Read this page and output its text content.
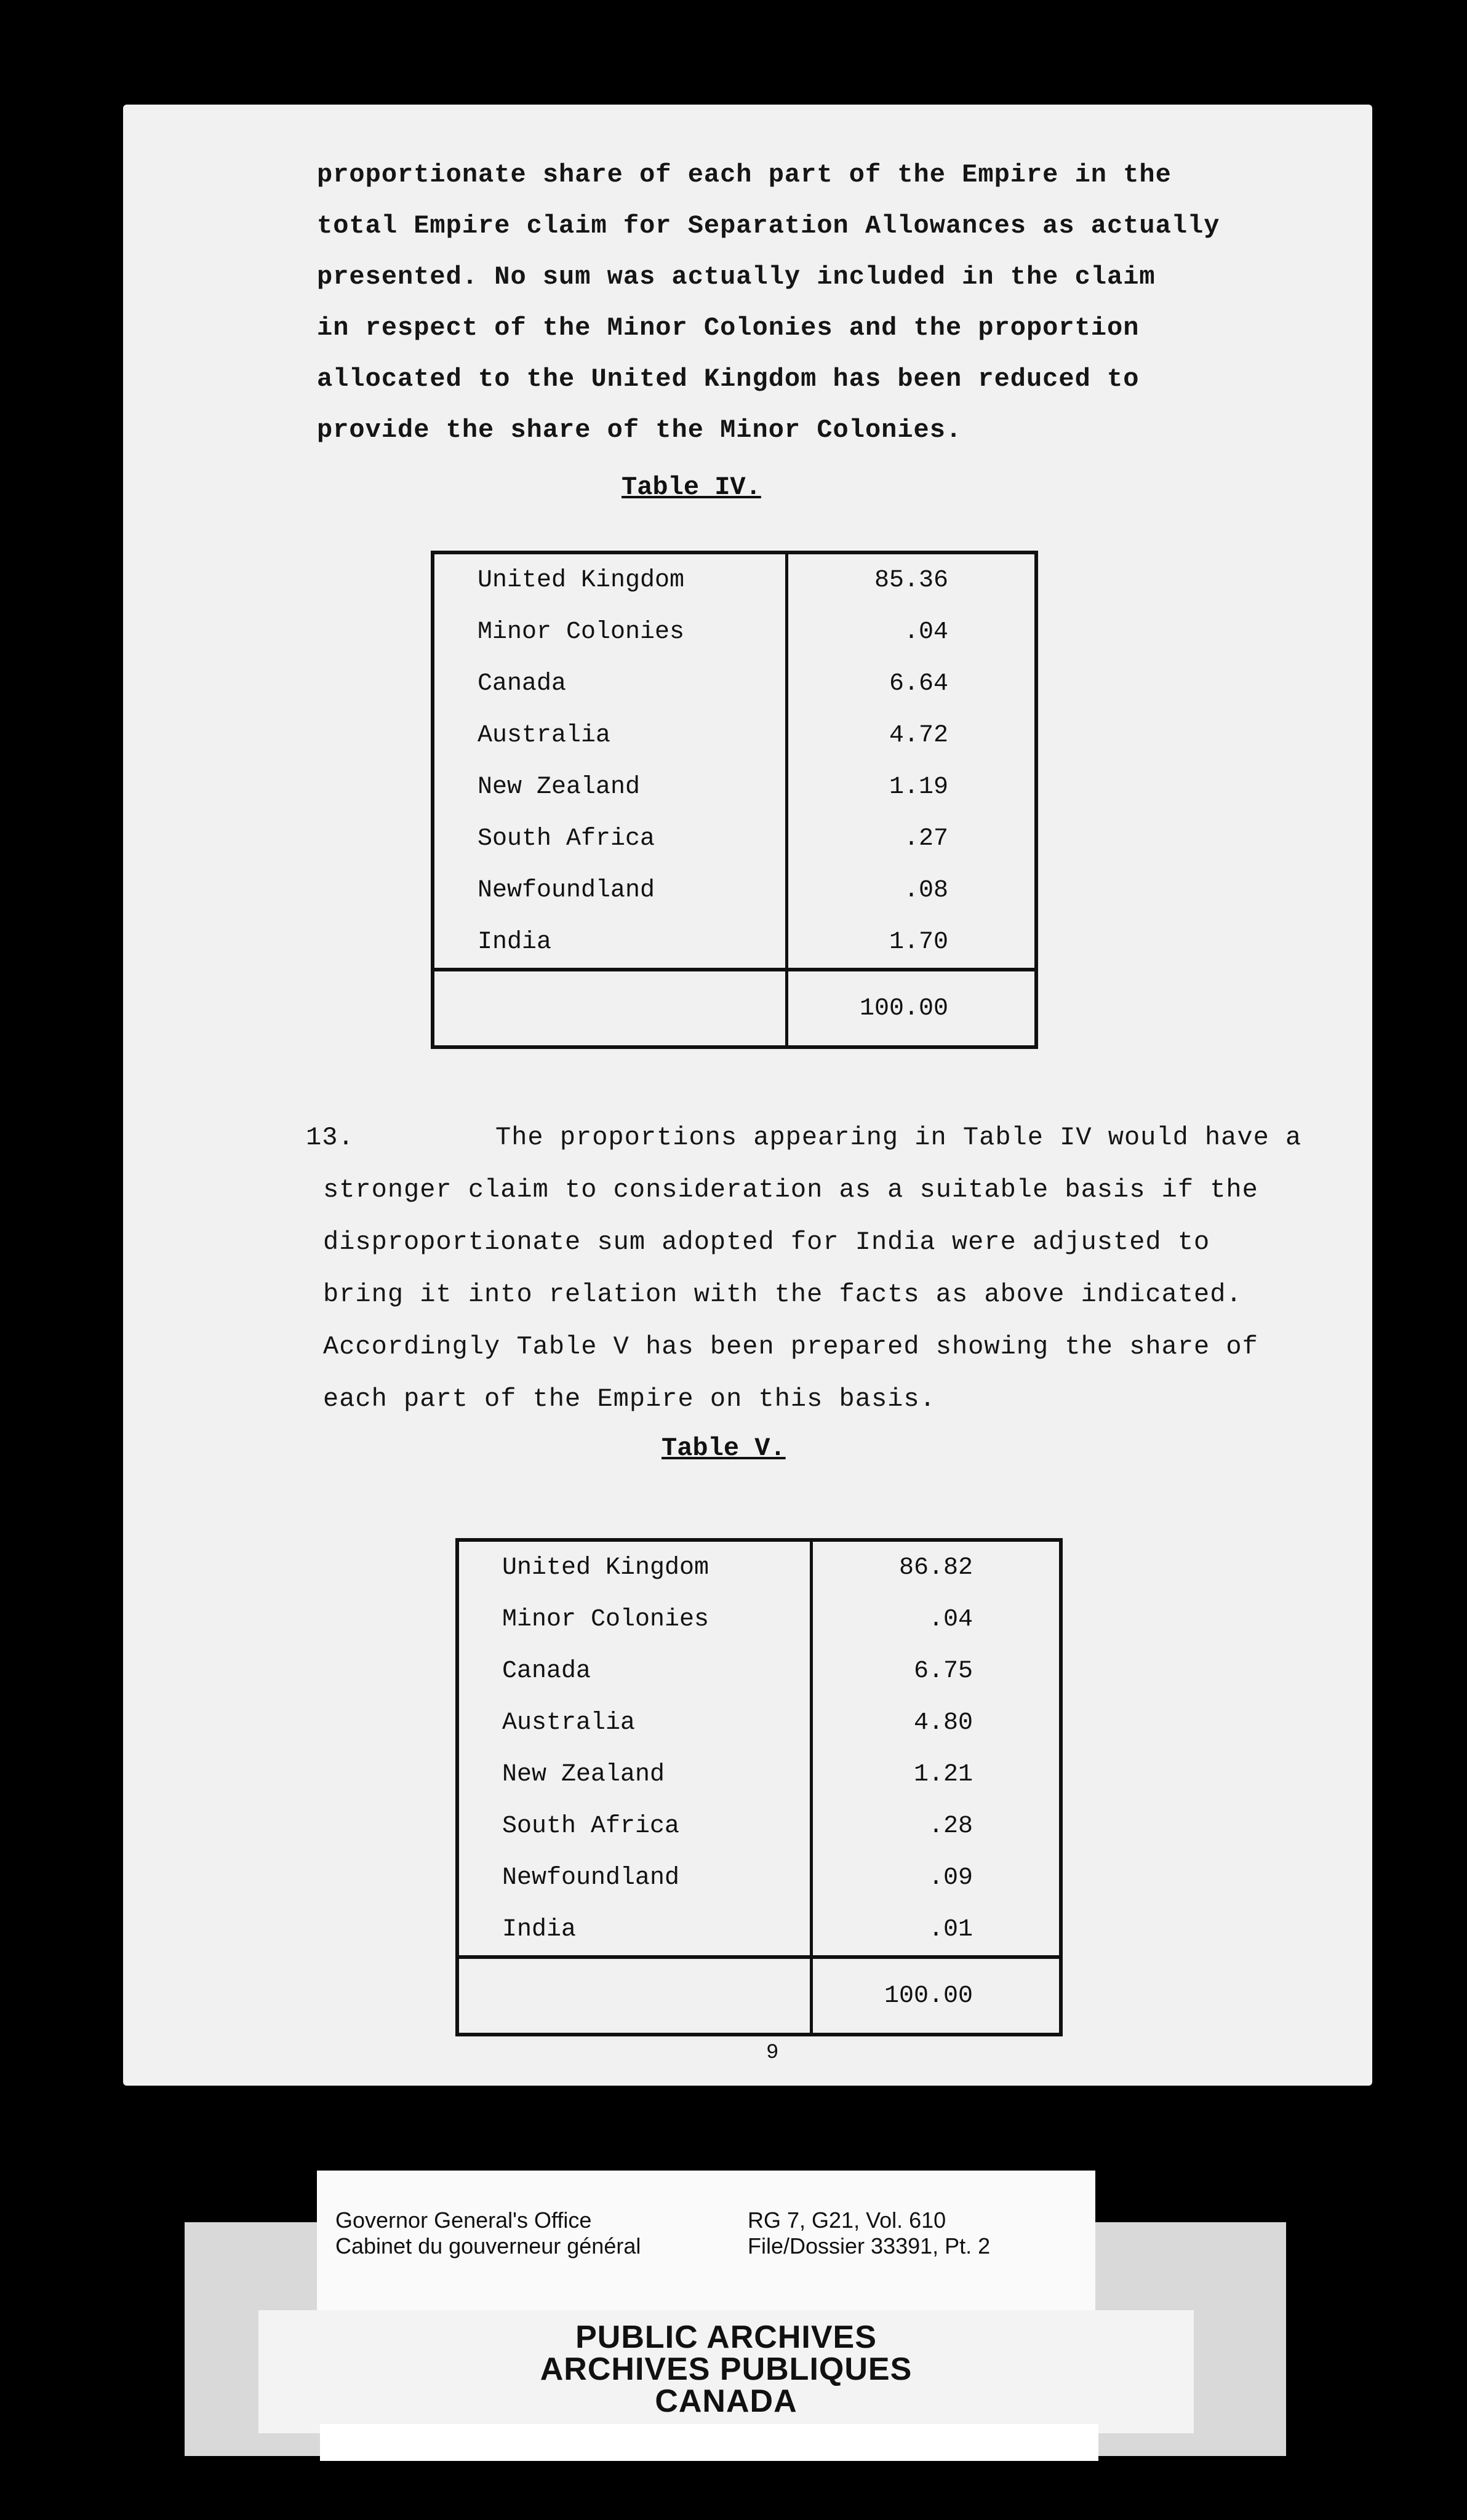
proportionate share of each part of the Empire in the
total Empire claim for Separation Allowances as actually
presented. No sum was actually included in the claim
in respect of the Minor Colonies and the proportion
allocated to the United Kingdom has been reduced to
provide the share of the Minor Colonies.
Table IV.
United Kingdom	85.36
Minor Colonies	.04
Canada	6.64
Australia	4.72
New Zealand	1.19
South Africa	.27
Newfoundland	.08
India	1.70
	100.00
13.	The proportions appearing in Table IV would have a
stronger claim to consideration as a suitable basis if the
disproportionate sum adopted for India were adjusted to
bring it into relation with the facts as above indicated.
Accordingly Table V has been prepared showing the share of
each part of the Empire on this basis.
Table V.
United Kingdom	86.82
Minor Colonies	.04
Canada	6.75
Australia	4.80
New Zealand	1.21
South Africa	.28
Newfoundland	.09
India	.01
	100.00
9
Governor General's Office
Cabinet du gouverneur général
RG 7, G21, Vol. 610
File/Dossier 33391, Pt. 2
PUBLIC ARCHIVES
ARCHIVES PUBLIQUES
CANADA
